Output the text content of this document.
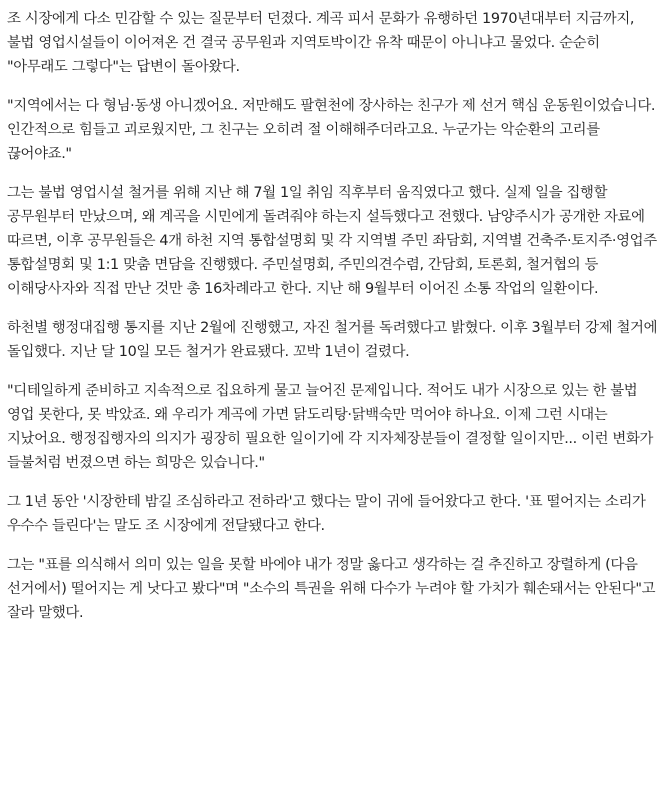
조 시장에게 다소 민감할 수 있는 질문부터 던졌다. 계곡 피서 문화가 유행하던 1970년대부터 지금까지, 불법 영업시설들이 이어져온 건 결국 공무원과 지역토박이간 유착 때문이 아니냐고 물었다. 순순히 "아무래도 그렇다"는 답변이 돌아왔다.

"지역에서는 다 형님·동생 아니겠어요. 저만해도 팔현천에 장사하는 친구가 제 선거 핵심 운동원이었습니다. 인간적으로 힘들고 괴로웠지만, 그 친구는 오히려 절 이해해주더라고요. 누군가는 악순환의 고리를 끊어야죠."

그는 불법 영업시설 철거를 위해 지난 해 7월 1일 취임 직후부터 움직였다고 했다. 실제 일을 집행할 공무원부터 만났으며, 왜 계곡을 시민에게 돌려줘야 하는지 설득했다고 전했다. 남양주시가 공개한 자료에 따르면, 이후 공무원들은 4개 하천 지역 통합설명회 및 각 지역별 주민 좌담회, 지역별 건축주·토지주·영업주 통합설명회 및 1:1 맞춤 면담을 진행했다. 주민설명회, 주민의견수렴, 간담회, 토론회, 철거협의 등 이해당사자와 직접 만난 것만 총 16차례라고 한다. 지난 해 9월부터 이어진 소통 작업의 일환이다.

하천별 행정대집행 통지를 지난 2월에 진행했고, 자진 철거를 독려했다고 밝혔다. 이후 3월부터 강제 철거에 돌입했다. 지난 달 10일 모든 철거가 완료됐다. 꼬박 1년이 걸렸다.

"디테일하게 준비하고 지속적으로 집요하게 물고 늘어진 문제입니다. 적어도 내가 시장으로 있는 한 불법 영업 못한다, 못 박았죠. 왜 우리가 계곡에 가면 닭도리탕·닭백숙만 먹어야 하나요. 이제 그런 시대는 지났어요. 행정집행자의 의지가 굉장히 필요한 일이기에 각 지자체장분들이 결정할 일이지만... 이런 변화가 들불처럼 번졌으면 하는 희망은 있습니다."

그 1년 동안 '시장한테 밤길 조심하라고 전하라'고 했다는 말이 귀에 들어왔다고 한다. '표 떨어지는 소리가 우수수 들린다'는 말도 조 시장에게 전달됐다고 한다.

그는 "표를 의식해서 의미 있는 일을 못할 바에야 내가 정말 옳다고 생각하는 걸 추진하고 장렬하게 (다음 선거에서) 떨어지는 게 낫다고 봤다"며 "소수의 특권을 위해 다수가 누려야 할 가치가 훼손돼서는 안된다"고 잘라 말했다.
